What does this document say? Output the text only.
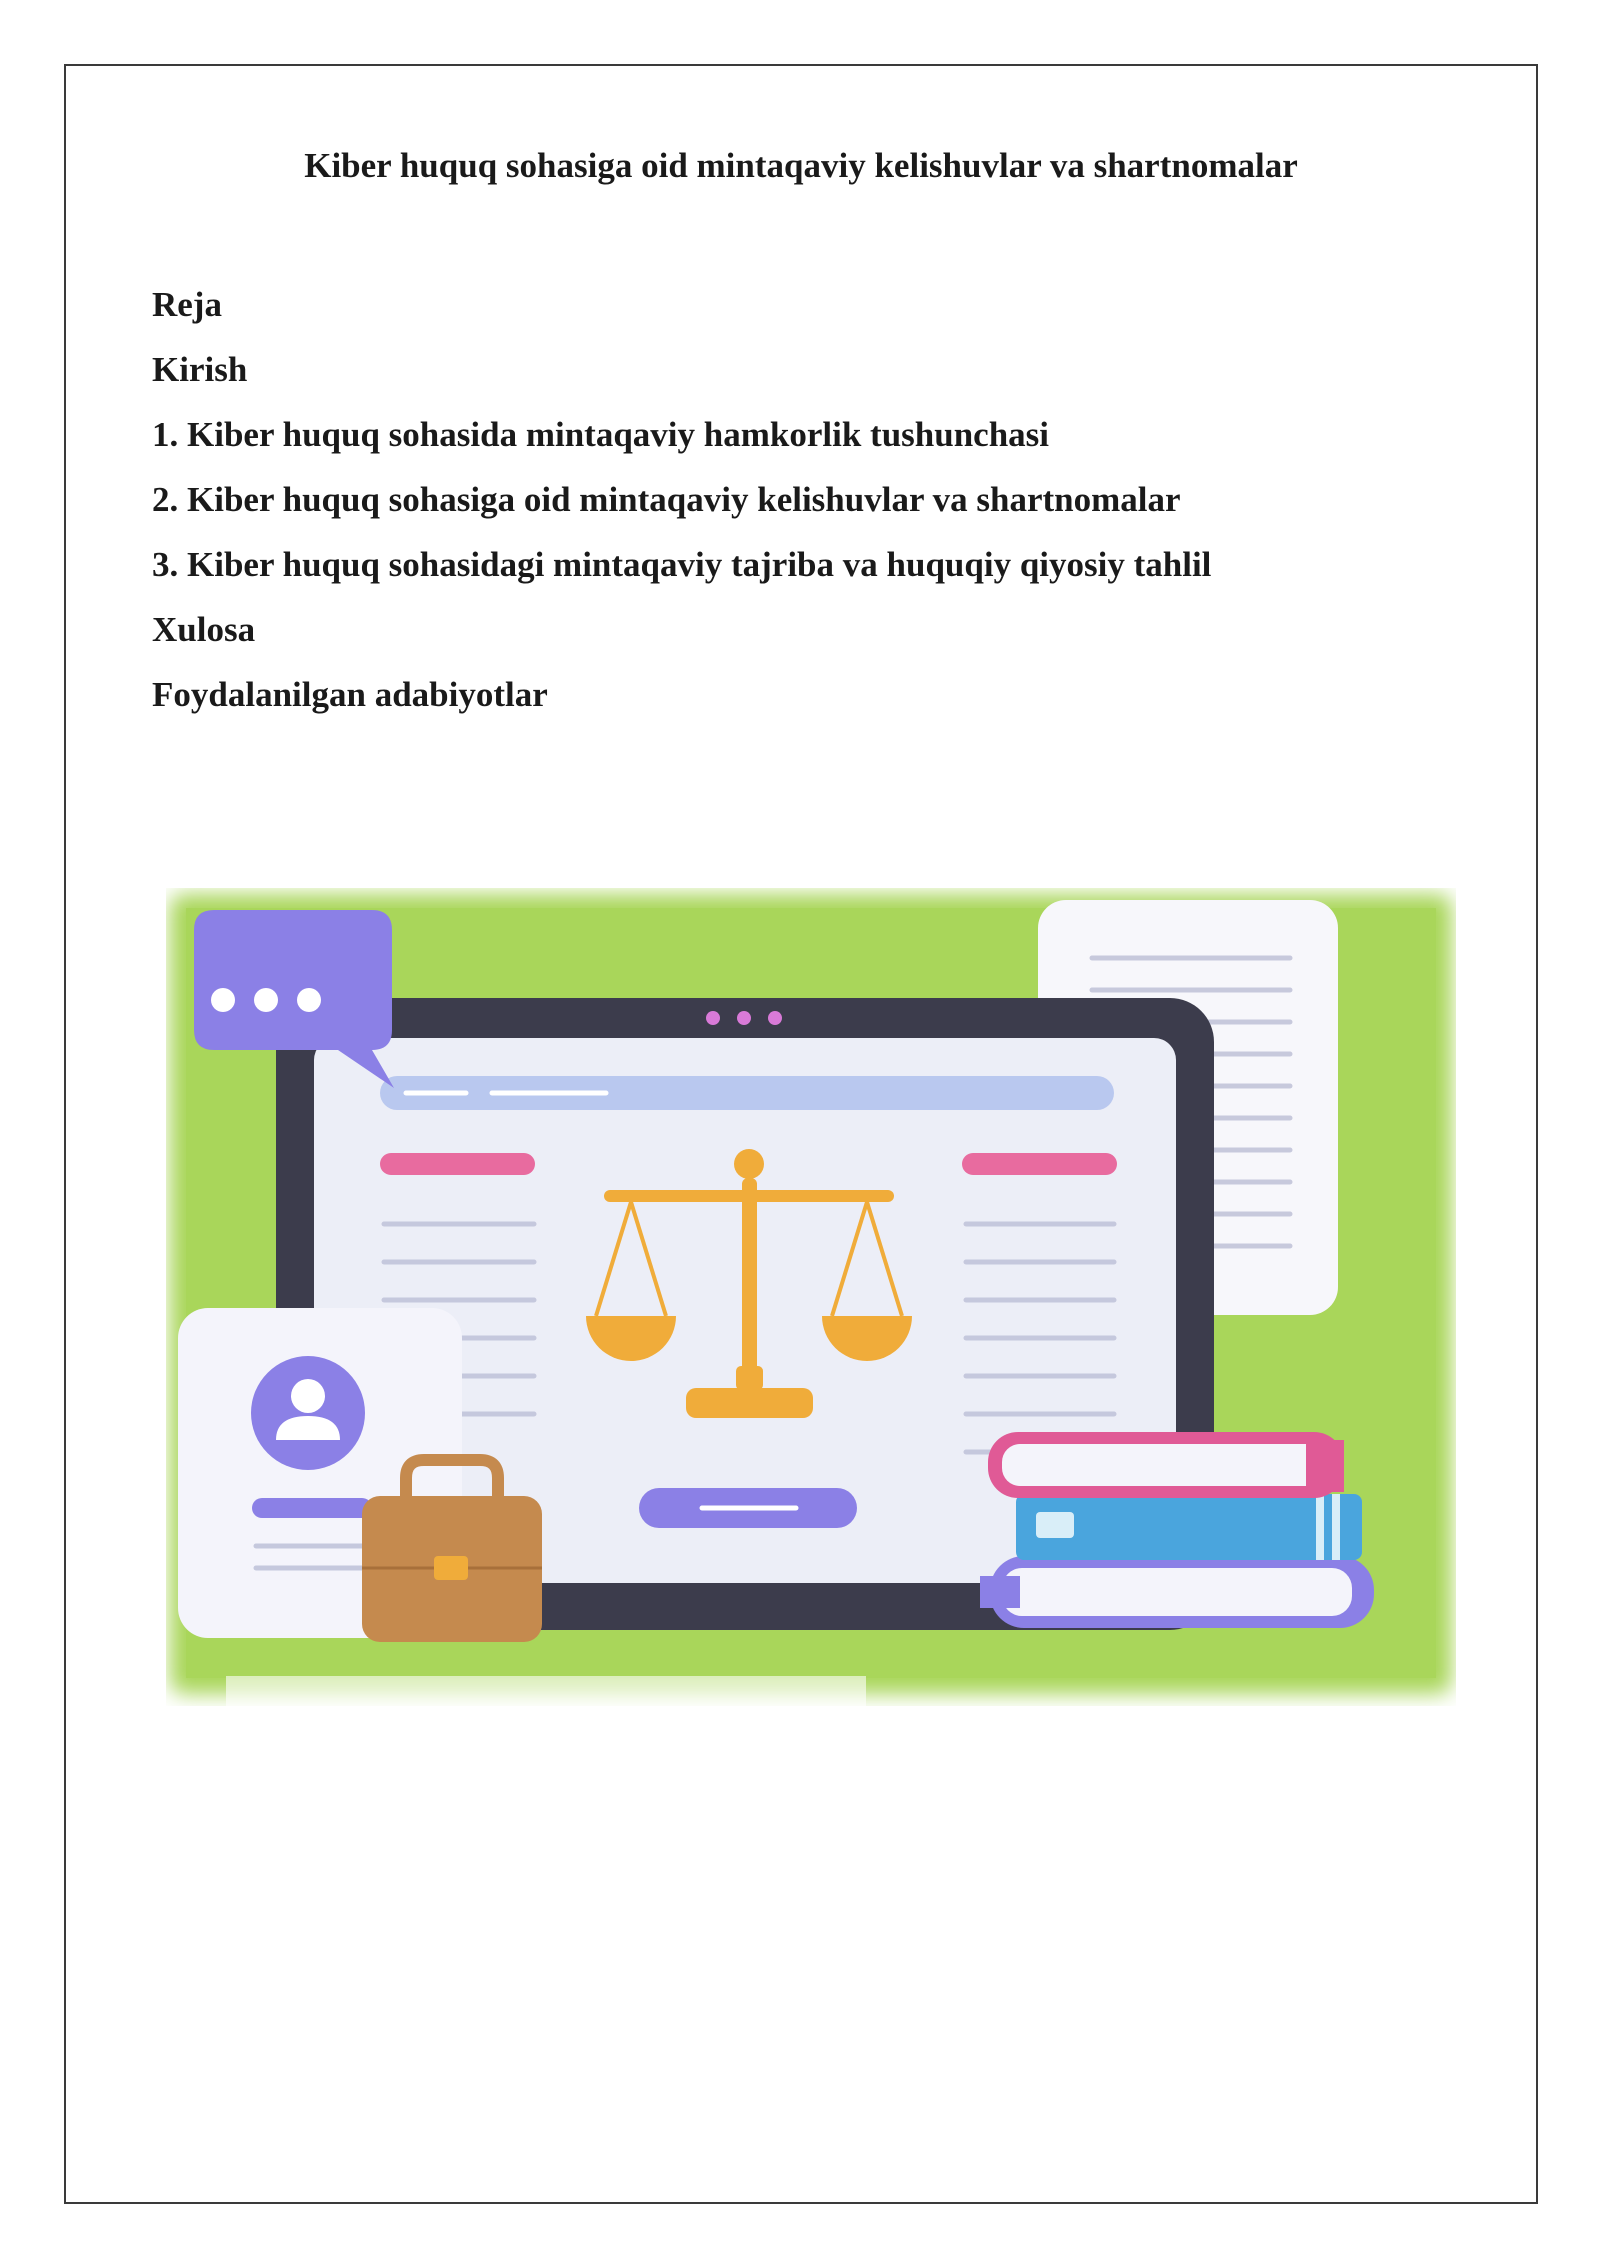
Kiber huquq sohasiga oid mintaqaviy kelishuvlar va shartnomalar
Reja
Kirish
1. Kiber huquq sohasida mintaqaviy hamkorlik tushunchasi
2. Kiber huquq sohasiga oid mintaqaviy kelishuvlar va shartnomalar
3. Kiber huquq sohasidagi mintaqaviy tajriba va huquqiy qiyosiy tahlil
Xulosa
Foydalanilgan adabiyotlar
